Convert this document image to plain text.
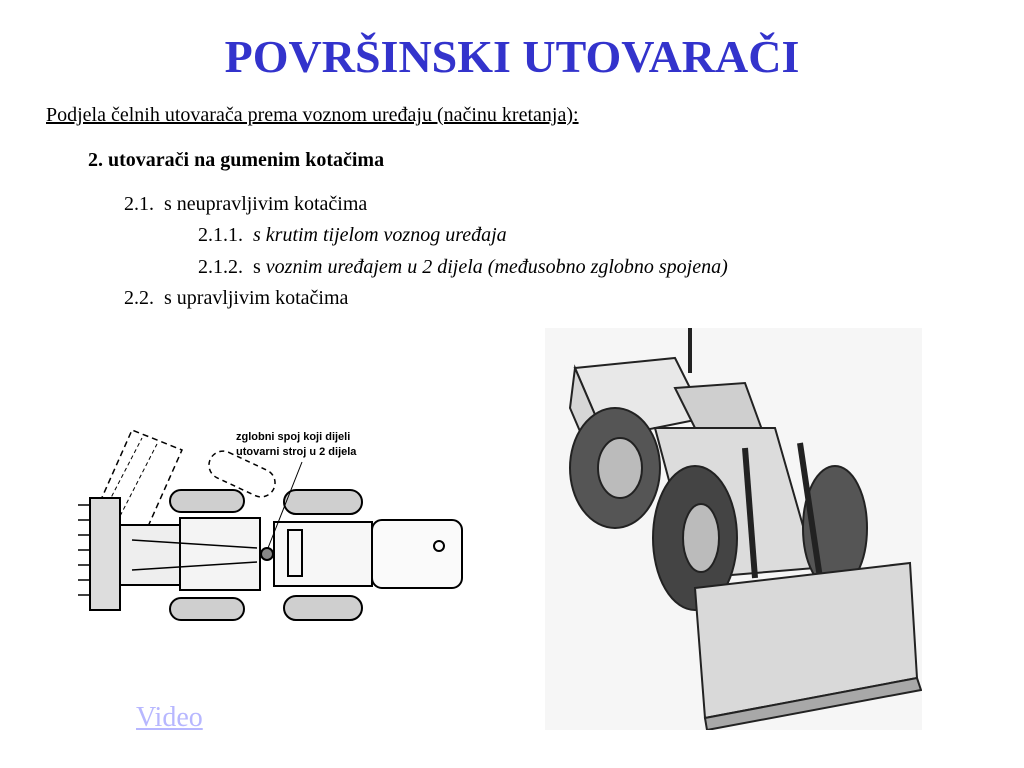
POVRŠINSKI UTOVARAČI
Podjela čelnih utovarača prema voznom uređaju (načinu kretanja):
2. utovarači na gumenim kotačima
2.1. s neupravljivim kotačima
2.1.1. s krutim tijelom voznog uređaja
2.1.2. s voznim uređajem u 2 dijela (međusobno zglobno spojena)
2.2. s upravljivim kotačima
zglobni spoj koji dijeli
utovarni stroj u 2 dijela
Video
